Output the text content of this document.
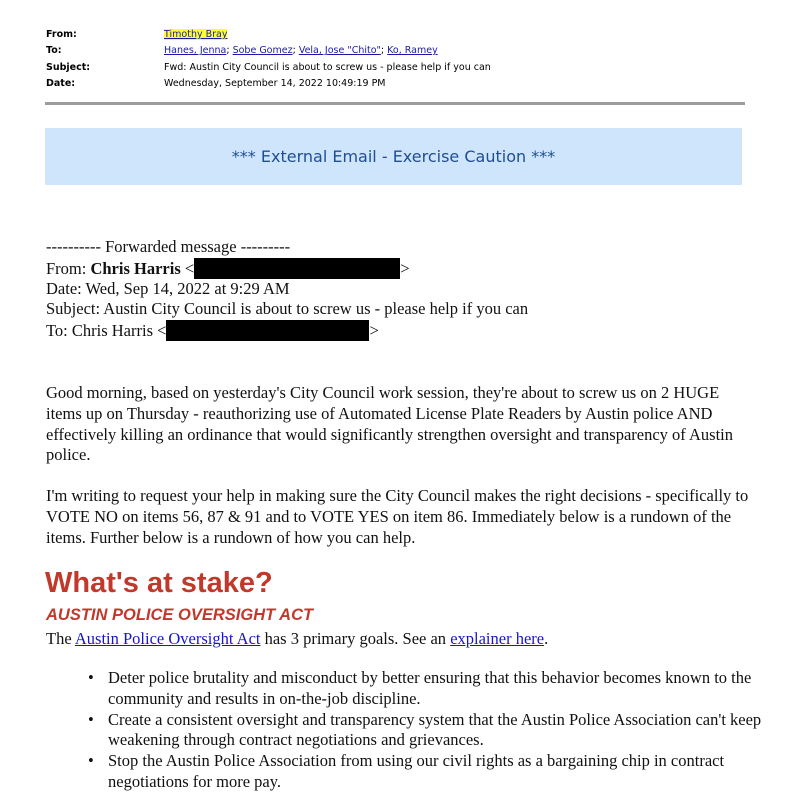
From:	Timothy Bray
To:	Hanes, Jenna; Sobe Gomez; Vela, Jose "Chito"; Ko, Ramey
Subject:	Fwd: Austin City Council is about to screw us - please help if you can
Date:	Wednesday, September 14, 2022 10:49:19 PM
*** External Email - Exercise Caution ***
---------- Forwarded message ---------
From: Chris Harris <	>
Date: Wed, Sep 14, 2022 at 9:29 AM
Subject: Austin City Council is about to screw us - please help if you can
To: Chris Harris <	>

Good morning, based on yesterday's City Council work session, they're about to screw us on 2 HUGE items up on Thursday - reauthorizing use of Automated License Plate Readers by Austin police AND effectively killing an ordinance that would significantly strengthen oversight and transparency of Austin police.

I'm writing to request your help in making sure the City Council makes the right decisions - specifically to VOTE NO on items 56, 87 & 91 and to VOTE YES on item 86. Immediately below is a rundown of the items. Further below is a rundown of how you can help.

What's at stake?
AUSTIN POLICE OVERSIGHT ACT
The Austin Police Oversight Act has 3 primary goals. See an explainer here.
• Deter police brutality and misconduct by better ensuring that this behavior becomes known to the community and results in on-the-job discipline.
• Create a consistent oversight and transparency system that the Austin Police Association can't keep weakening through contract negotiations and grievances.
• Stop the Austin Police Association from using our civil rights as a bargaining chip in contract negotiations for more pay.
